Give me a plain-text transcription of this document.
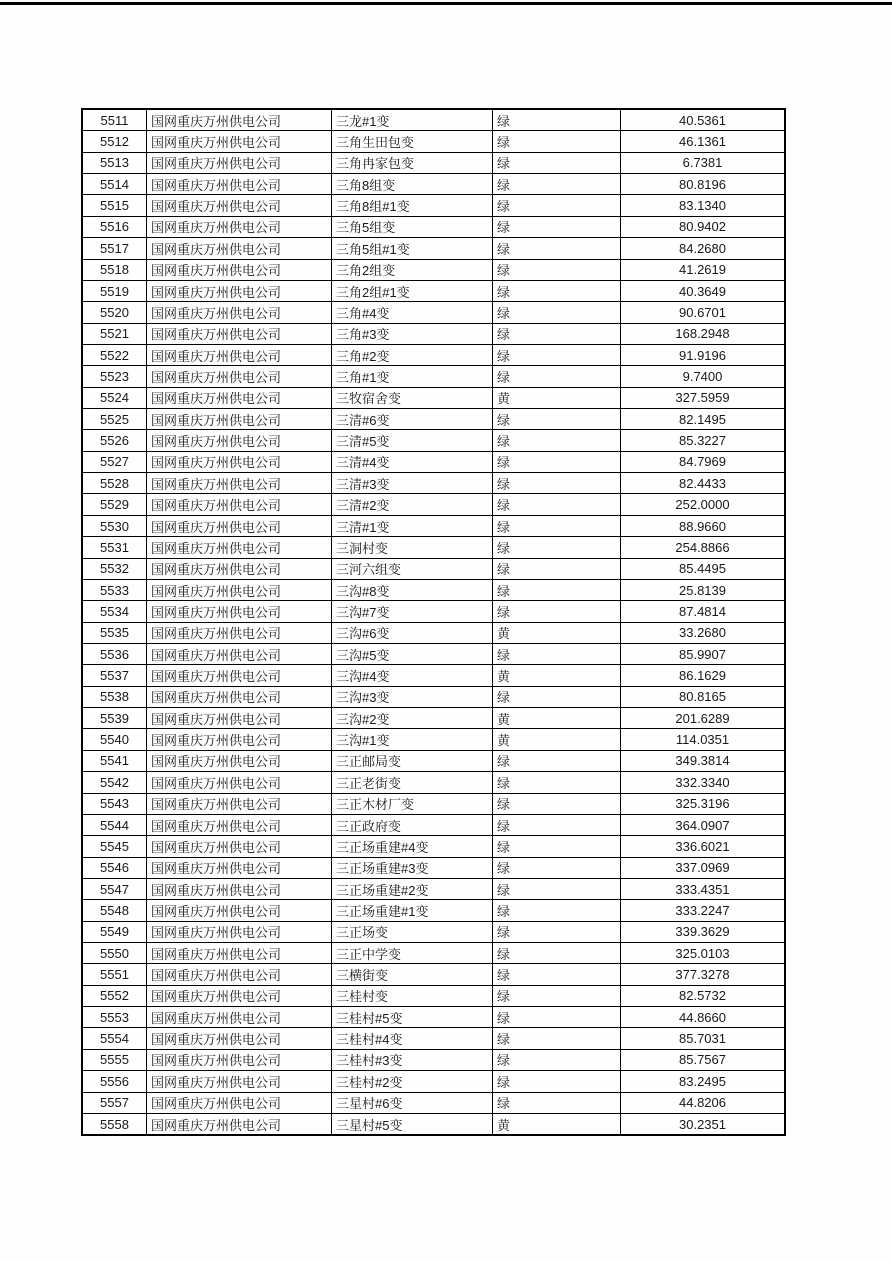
5511	国网重庆万州供电公司	三龙#1变	绿	40.5361
5512	国网重庆万州供电公司	三角生田包变	绿	46.1361
5513	国网重庆万州供电公司	三角冉家包变	绿	6.7381
5514	国网重庆万州供电公司	三角8组变	绿	80.8196
5515	国网重庆万州供电公司	三角8组#1变	绿	83.1340
5516	国网重庆万州供电公司	三角5组变	绿	80.9402
5517	国网重庆万州供电公司	三角5组#1变	绿	84.2680
5518	国网重庆万州供电公司	三角2组变	绿	41.2619
5519	国网重庆万州供电公司	三角2组#1变	绿	40.3649
5520	国网重庆万州供电公司	三角#4变	绿	90.6701
5521	国网重庆万州供电公司	三角#3变	绿	168.2948
5522	国网重庆万州供电公司	三角#2变	绿	91.9196
5523	国网重庆万州供电公司	三角#1变	绿	9.7400
5524	国网重庆万州供电公司	三牧宿舍变	黄	327.5959
5525	国网重庆万州供电公司	三清#6变	绿	82.1495
5526	国网重庆万州供电公司	三清#5变	绿	85.3227
5527	国网重庆万州供电公司	三清#4变	绿	84.7969
5528	国网重庆万州供电公司	三清#3变	绿	82.4433
5529	国网重庆万州供电公司	三清#2变	绿	252.0000
5530	国网重庆万州供电公司	三清#1变	绿	88.9660
5531	国网重庆万州供电公司	三洞村变	绿	254.8866
5532	国网重庆万州供电公司	三河六组变	绿	85.4495
5533	国网重庆万州供电公司	三沟#8变	绿	25.8139
5534	国网重庆万州供电公司	三沟#7变	绿	87.4814
5535	国网重庆万州供电公司	三沟#6变	黄	33.2680
5536	国网重庆万州供电公司	三沟#5变	绿	85.9907
5537	国网重庆万州供电公司	三沟#4变	黄	86.1629
5538	国网重庆万州供电公司	三沟#3变	绿	80.8165
5539	国网重庆万州供电公司	三沟#2变	黄	201.6289
5540	国网重庆万州供电公司	三沟#1变	黄	114.0351
5541	国网重庆万州供电公司	三正邮局变	绿	349.3814
5542	国网重庆万州供电公司	三正老街变	绿	332.3340
5543	国网重庆万州供电公司	三正木材厂变	绿	325.3196
5544	国网重庆万州供电公司	三正政府变	绿	364.0907
5545	国网重庆万州供电公司	三正场重建#4变	绿	336.6021
5546	国网重庆万州供电公司	三正场重建#3变	绿	337.0969
5547	国网重庆万州供电公司	三正场重建#2变	绿	333.4351
5548	国网重庆万州供电公司	三正场重建#1变	绿	333.2247
5549	国网重庆万州供电公司	三正场变	绿	339.3629
5550	国网重庆万州供电公司	三正中学变	绿	325.0103
5551	国网重庆万州供电公司	三横街变	绿	377.3278
5552	国网重庆万州供电公司	三桂村变	绿	82.5732
5553	国网重庆万州供电公司	三桂村#5变	绿	44.8660
5554	国网重庆万州供电公司	三桂村#4变	绿	85.7031
5555	国网重庆万州供电公司	三桂村#3变	绿	85.7567
5556	国网重庆万州供电公司	三桂村#2变	绿	83.2495
5557	国网重庆万州供电公司	三星村#6变	绿	44.8206
5558	国网重庆万州供电公司	三星村#5变	黄	30.2351
